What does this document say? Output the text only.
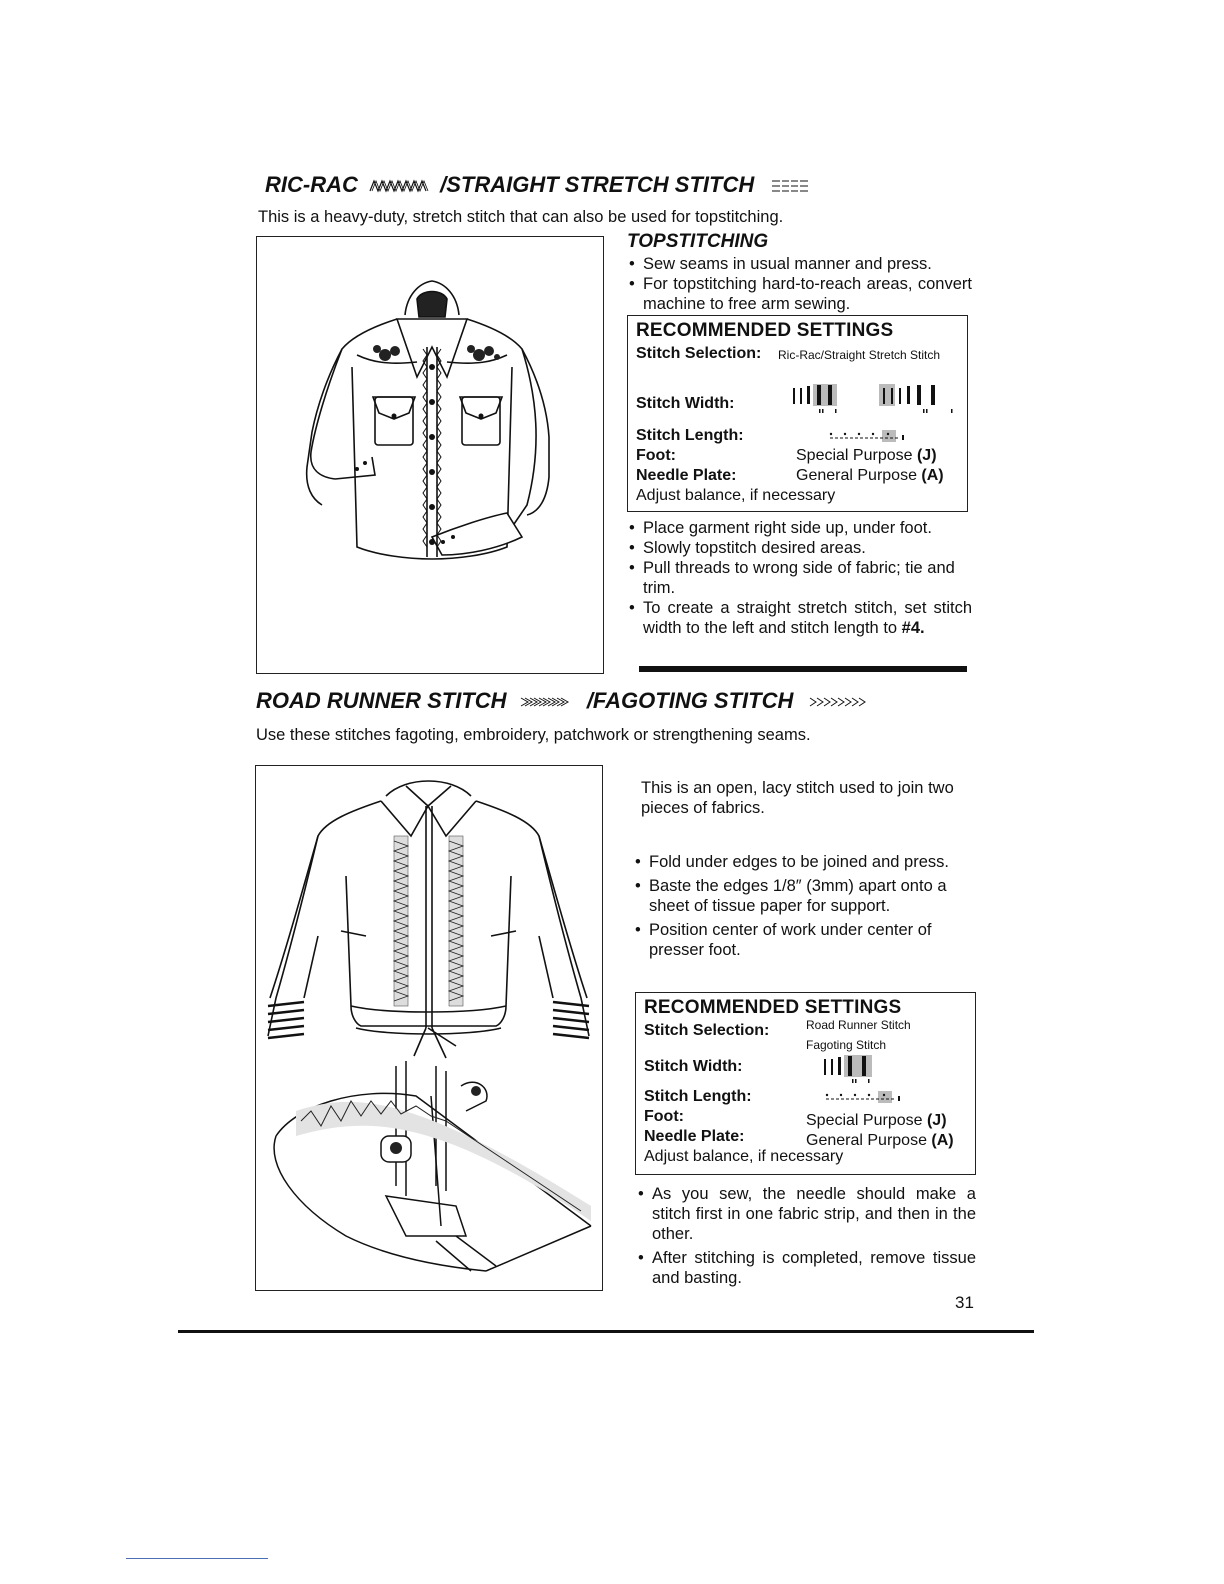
RIC-RAC	/STRAIGHT STRETCH STITCH
This is a heavy-duty, stretch stitch that can also be used for topstitching.
TOPSTITCHING
• Sew seams in usual manner and press.
• For topstitching hard-to-reach areas, convert machine to free arm sewing.
RECOMMENDED SETTINGS
Stitch Selection: Ric-Rac/Straight Stretch Stitch
Stitch Width:
Stitch Length:
Foot:	Special Purpose (J)
Needle Plate:	General Purpose (A)
Adjust balance, if necessary
• Place garment right side up, under foot.
• Slowly topstitch desired areas.
• Pull threads to wrong side of fabric; tie and trim.
• To create a straight stretch stitch, set stitch width to the left and stitch length to #4.
ROAD RUNNER STITCH	/FAGOTING STITCH
Use these stitches fagoting, embroidery, patchwork or strengthening seams.
This is an open, lacy stitch used to join two pieces of fabrics.
• Fold under edges to be joined and press.
• Baste the edges 1/8″ (3mm) apart onto a sheet of tissue paper for support.
• Position center of work under center of presser foot.
RECOMMENDED SETTINGS
Stitch Selection:	Road Runner Stitch
Fagoting Stitch
Stitch Width:
Stitch Length:
Foot:	Special Purpose (J)
Needle Plate:	General Purpose (A)
Adjust balance, if necessary
• As you sew, the needle should make a stitch first in one fabric strip, and then in the other.
• After stitching is completed, remove tissue and basting.
31
